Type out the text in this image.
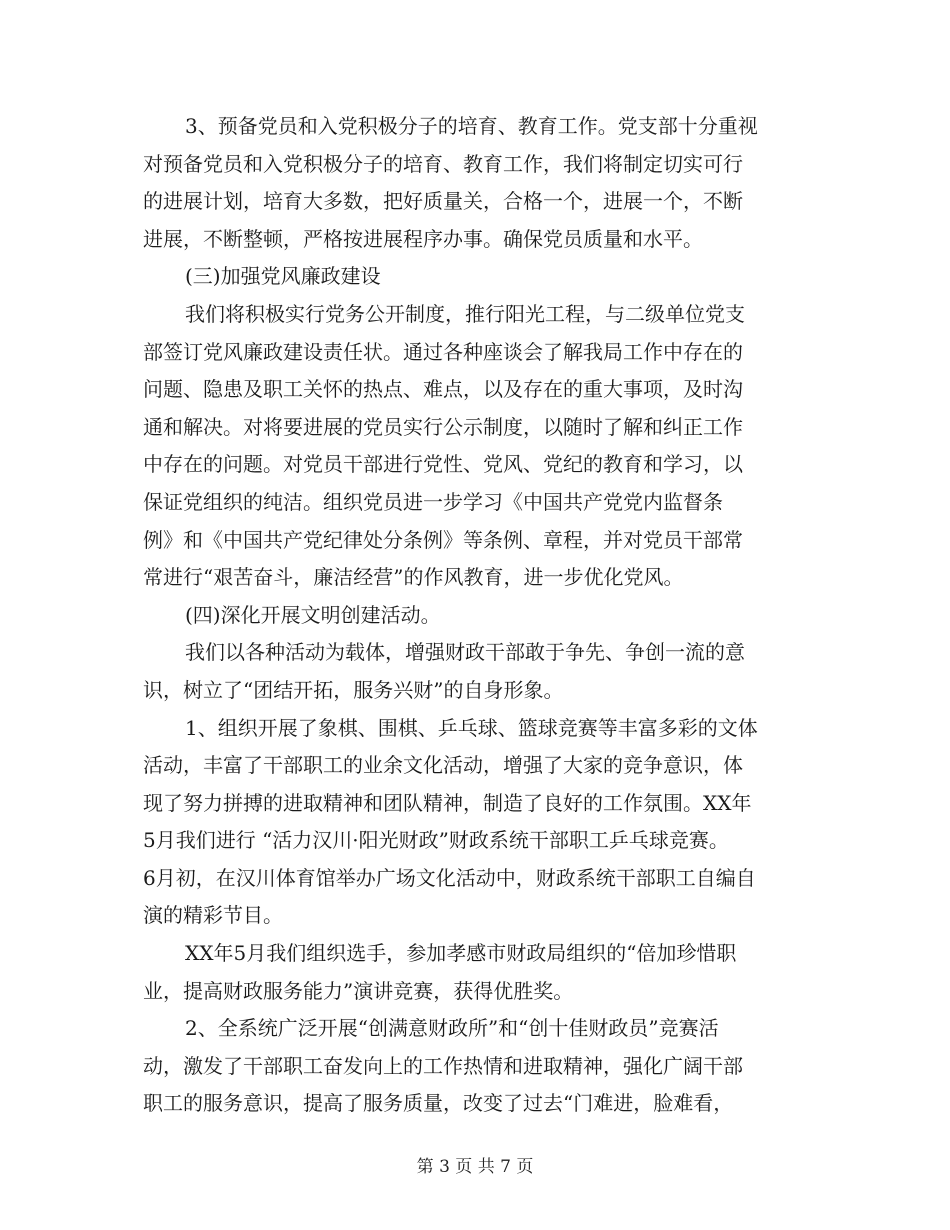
3、预备党员和入党积极分子的培育、教育工作。党支部十分重视
对预备党员和入党积极分子的培育、教育工作，我们将制定切实可行
的进展计划，培育大多数，把好质量关，合格一个，进展一个，不断
进展，不断整顿，严格按进展程序办事。确保党员质量和水平。
(三)加强党风廉政建设
我们将积极实行党务公开制度，推行阳光工程，与二级单位党支
部签订党风廉政建设责任状。通过各种座谈会了解我局工作中存在的
问题、隐患及职工关怀的热点、难点，以及存在的重大事项，及时沟
通和解决。对将要进展的党员实行公示制度，以随时了解和纠正工作
中存在的问题。对党员干部进行党性、党风、党纪的教育和学习，以
保证党组织的纯洁。组织党员进一步学习《中国共产党党内监督条
例》和《中国共产党纪律处分条例》等条例、章程，并对党员干部常
常进行“艰苦奋斗，廉洁经营”的作风教育，进一步优化党风。
(四)深化开展文明创建活动。
我们以各种活动为载体，增强财政干部敢于争先、争创一流的意
识，树立了“团结开拓，服务兴财”的自身形象。
1、组织开展了象棋、围棋、乒乓球、篮球竞赛等丰富多彩的文体
活动，丰富了干部职工的业余文化活动，增强了大家的竞争意识，体
现了努力拼搏的进取精神和团队精神，制造了良好的工作氛围。XX年
5月我们进行 “活力汉川·阳光财政”财政系统干部职工乒乓球竞赛。
6月初，在汉川体育馆举办广场文化活动中，财政系统干部职工自编自
演的精彩节目。
XX年5月我们组织选手，参加孝感市财政局组织的“倍加珍惜职
业，提高财政服务能力”演讲竞赛，获得优胜奖。
2、全系统广泛开展“创满意财政所”和“创十佳财政员”竞赛活
动，激发了干部职工奋发向上的工作热情和进取精神，强化广阔干部
职工的服务意识，提高了服务质量，改变了过去“门难进，脸难看，
第 3 页 共 7 页
